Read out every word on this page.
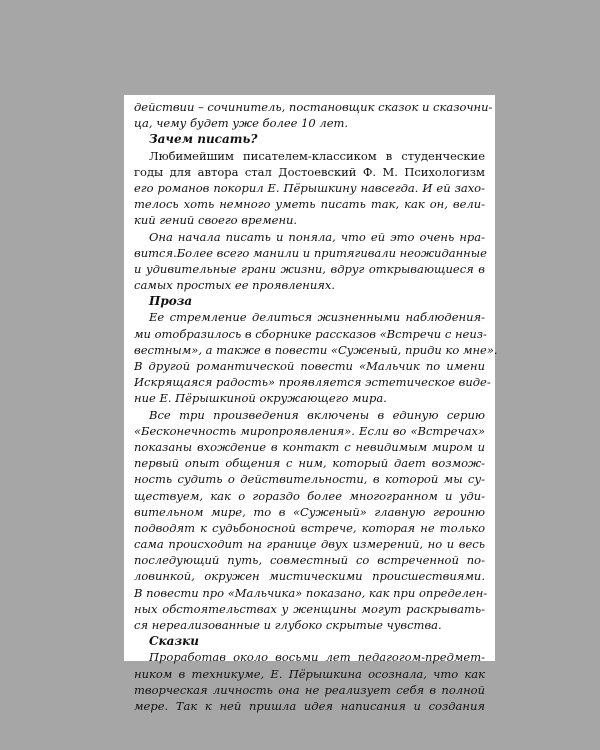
действии – сочинитель, постановщик сказок и сказочни-
ца, чему будет уже более 10 лет.
Зачем писать?
Любимейшим писателем-классиком в студенческие
годы для автора стал Достоевский Ф. М. Психологизм
его романов покорил Е. Пёрышкину навсегда. И ей захо-
телось хоть немного уметь писать так, как он, вели-
кий гений своего времени.
Она начала писать и поняла, что ей это очень нра-
вится.Более всего манили и притягивали неожиданные
и удивительные грани жизни, вдруг открывающиеся в
самых простых ее проявлениях.
Проза
Ее стремление делиться жизненными наблюдения-
ми отобразилось в сборнике рассказов «Встречи с неиз-
вестным», а также в повести «Суженый, приди ко мне».
В другой романтической повести «Мальчик по имени
Искрящаяся радость» проявляется эстетическое виде-
ние Е. Пёрышкиной окружающего мира.
Все три произведения включены в единую серию
«Бесконечность миропроявления». Если во «Встречах»
показаны вхождение в контакт с невидимым миром и
первый опыт общения с ним, который дает возмож-
ность судить о действительности, в которой мы су-
ществуем, как о гораздо более многогранном и уди-
вительном мире, то в «Суженый» главную героиню
подводят к судьбоносной встрече, которая не только
сама происходит на границе двух измерений, но и весь
последующий путь, совместный со встреченной по-
ловинкой, окружен мистическими происшествиями.
В повести про «Мальчика» показано, как при определен-
ных обстоятельствах у женщины могут раскрывать-
ся нереализованные и глубоко скрытые чувства.
Сказки
Проработав около восьми лет педагогом-предмет-
ником в техникуме, Е. Пёрышкина осознала, что как
творческая личность она не реализует себя в полной
мере. Так к ней пришла идея написания и создания
